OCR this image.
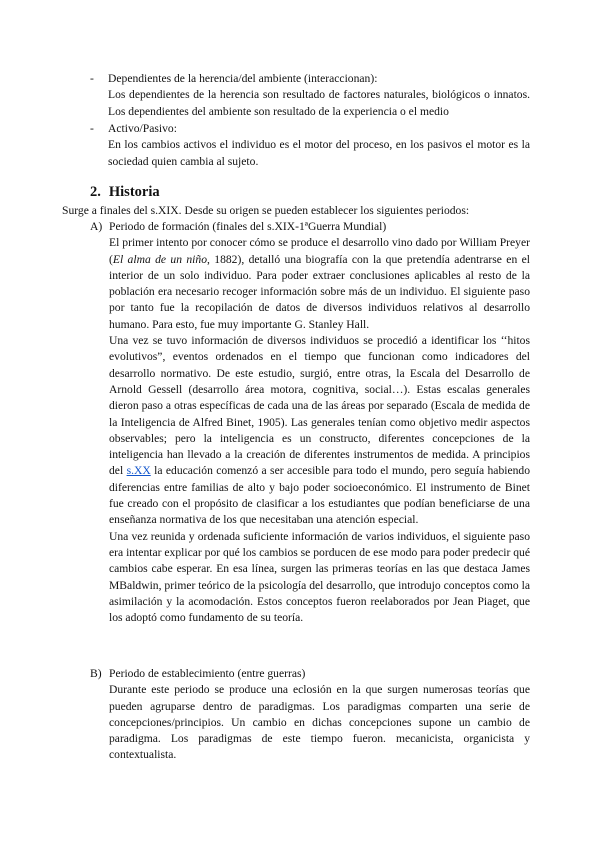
-	Dependientes de la herencia/del ambiente (interaccionan):

Los dependientes de la herencia son resultado de factores naturales, biológicos o innatos. Los dependientes del ambiente son resultado de la experiencia o el medio

-	Activo/Pasivo:

En los cambios activos el individuo es el motor del proceso, en los pasivos el motor es la sociedad quien cambia al sujeto.

2. Historia

Surge a finales del s.XIX. Desde su origen se pueden establecer los siguientes periodos:

A) Periodo de formación (finales del s.XIX-1ªGuerra Mundial)

El primer intento por conocer cómo se produce el desarrollo vino dado por William Preyer (El alma de un niño, 1882), detalló una biografía con la que pretendía adentrarse en el interior de un solo individuo. Para poder extraer conclusiones aplicables al resto de la población era necesario recoger información sobre más de un individuo. El siguiente paso por tanto fue la recopilación de datos de diversos individuos relativos al desarrollo humano. Para esto, fue muy importante G. Stanley Hall.

Una vez se tuvo información de diversos individuos se procedió a identificar los ‘‘hitos evolutivos”, eventos ordenados en el tiempo que funcionan como indicadores del desarrollo normativo. De este estudio, surgió, entre otras, la Escala del Desarrollo de Arnold Gessell (desarrollo área motora, cognitiva, social…). Estas escalas generales dieron paso a otras específicas de cada una de las áreas por separado (Escala de medida de la Inteligencia de Alfred Binet, 1905). Las generales tenían como objetivo medir aspectos observables; pero la inteligencia es un constructo, diferentes concepciones de la inteligencia han llevado a la creación de diferentes instrumentos de medida. A principios del s.XX la educación comenzó a ser accesible para todo el mundo, pero seguía habiendo diferencias entre familias de alto y bajo poder socioeconómico. El instrumento de Binet fue creado con el propósito de clasificar a los estudiantes que podían beneficiarse de una enseñanza normativa de los que necesitaban una atención especial.

Una vez reunida y ordenada suficiente información de varios individuos, el siguiente paso era intentar explicar por qué los cambios se porducen de ese modo para poder predecir qué cambios cabe esperar. En esa línea, surgen las primeras teorías en las que destaca James MBaldwin, primer teórico de la psicología del desarrollo, que introdujo conceptos como la asimilación y la acomodación. Estos conceptos fueron reelaborados por Jean Piaget, que los adoptó como fundamento de su teoría.

B) Periodo de establecimiento (entre guerras)

Durante este periodo se produce una eclosión en la que surgen numerosas teorías que pueden agruparse dentro de paradigmas. Los paradigmas comparten una serie de concepciones/principios. Un cambio en dichas concepciones supone un cambio de paradigma. Los paradigmas de este tiempo fueron. mecanicista, organicista y contextualista.
